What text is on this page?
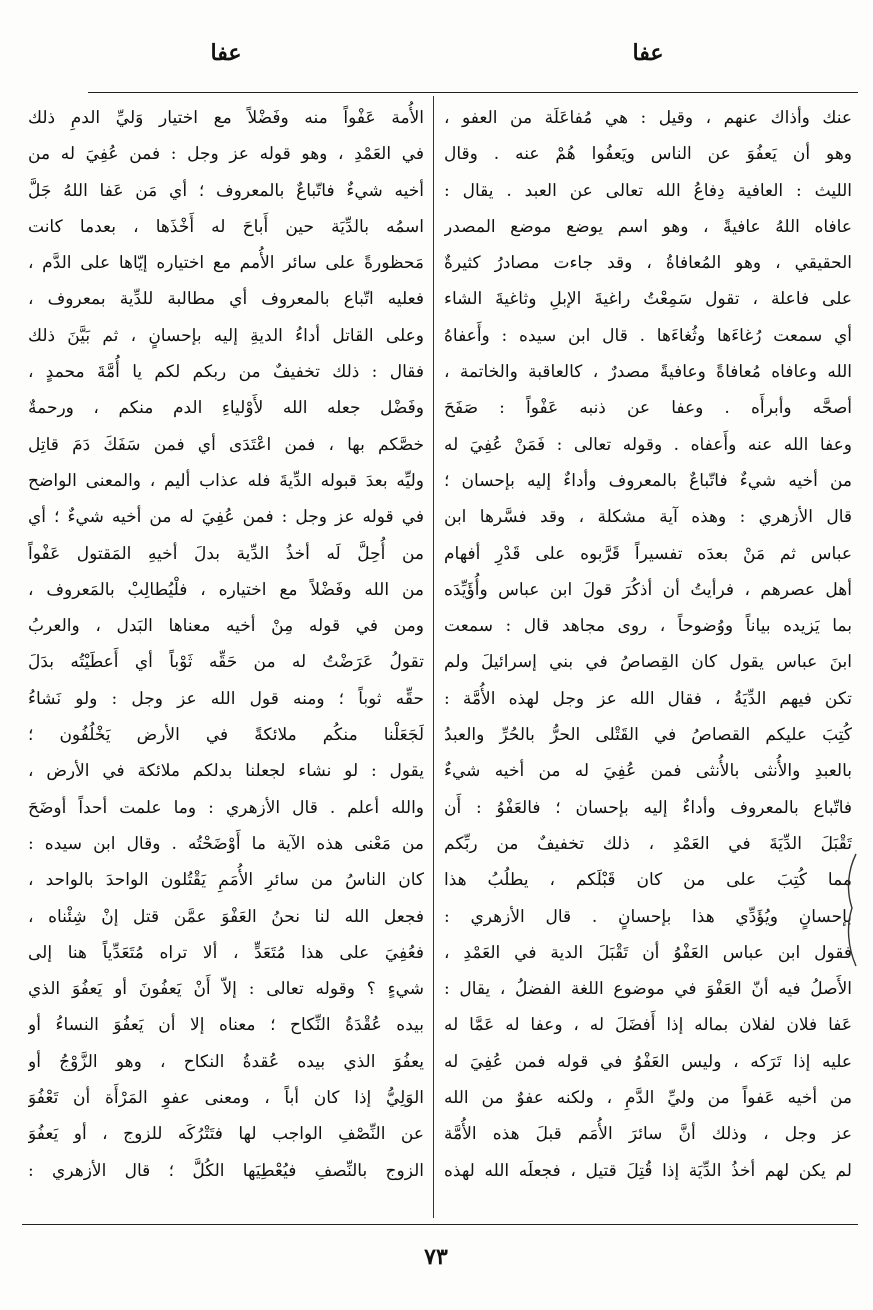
عفا
عفا
عنك وأذاك عنهم ، وقيل : هي مُفاعَلَة من العفو ،
وهو أن يَعفُوَ عن الناس ويَعفُوا هُمْ عنه . وقال
الليث : العافية دِفاعُ الله تعالى عن العبد . يقال :
عافاه اللهُ عافيةً ، وهو اسم يوضع موضع المصدر
الحقيقي ، وهو المُعافاةُ ، وقد جاءت مصادرُ كثيرةٌ
على فاعلة ، تقول سَمِعْتُ راغيةَ الإبلِ وثاغيةَ الشاء
أي سمعت رُغاءَها وثُغاءَها . قال ابن سيده : وأَعفاهُ
الله وعافاه مُعافاةً وعافيةً مصدرٌ ، كالعاقبة والخاتمة ،
أصحَّه وأبرأَه . وعفا عن ذنبه عَفْواً : صَفَحَ
وعفا الله عنه وأَعفاه . وقوله تعالى : فَمَنْ عُفِيَ له
من أخيه شيءٌ فاتّباعٌ بالمعروف وأداءٌ إليه بإحسان ؛
قال الأزهري : وهذه آية مشكلة ، وقد فسَّرها ابن
عباس ثم مَنْ بعدَه تفسيراً قَرَّبوه على قَدْرِ أفهام
أهل عصرهم ، فرأيتُ أن أذكُرَ قولَ ابن عباس وأُؤَيِّدَه
بما يَزيده بياناً ووُضوحاً ، روى مجاهد قال : سمعت
ابنَ عباس يقول كان القِصاصُ في بني إسرائيلَ ولم
تكن فيهم الدِّيَةُ ، فقال الله عز وجل لهذه الأُمَّة :
كُتِبَ عليكم القصاصُ في القَتْلى الحرُّ بالحُرِّ والعبدُ
بالعبدِ والأُنثى بالأُنثى فمن عُفِيَ له من أخيه شيءٌ
فاتّباع بالمعروف وأداءٌ إليه بإحسان ؛ فالعَفْوُ : أَن
تَقْبَلَ الدِّيَةَ في العَمْدِ ، ذلك تخفيفٌ من ربِّكم
مما كُتِبَ على من كان قَبْلَكم ، يطلُبُ هذا
بإحسانٍ ويُؤَدِّي هذا بإحسانٍ . قال الأزهري :
فقول ابن عباس العَفْوُ أن تَقْبَلَ الدية في العَمْدِ ،
الأَصلُ فيه أنّ العَفْوَ في موضوع اللغة الفضلُ ، يقال :
عَفا فلان لفلان بماله إذا أَفضَلَ له ، وعفا له عَمَّا له
عليه إذا تَرَكه ، وليس العَفْوُ في قوله فمن عُفِيَ له
من أخيه عَفواً من وليِّ الدَّمِ ، ولكنه عفوٌ من الله
عز وجل ، وذلك أنَّ سائرَ الأُمَم قبلَ هذه الأُمَّة
لم يكن لهم أخذُ الدِّيَة إذا قُتِلَ قتيل ، فجعلَه الله لهذه
الأُمة عَفْواً منه وفَضْلاً مع اختيار وَليِّ الدمِ ذلك
في العَمْدِ ، وهو قوله عز وجل : فمن عُفِيَ له من
أخيه شيءٌ فاتّباعٌ بالمعروف ؛ أي مَن عَفا اللهُ جَلَّ
اسمُه بالدِّيَة حين أَباحَ له أَخْذَها ، بعدما كانت
مَحظورةً على سائر الأُمم مع اختياره إيّاها على الدَّم ،
فعليه اتّباع بالمعروف أي مطالبة للدِّية بمعروف ،
وعلى القاتل أداءُ الديةِ إليه بإحسانٍ ، ثم بَيَّنَ ذلك
فقال : ذلك تخفيفٌ من ربكم لكم يا أُمَّةَ محمدٍ ،
وفَضْل جعله الله لأَوْلياءِ الدم منكم ، ورحمةٌ
خصَّكم بها ، فمن اعْتَدَى أي فمن سَفَكَ دَمَ قاتِل
وليِّه بعدَ قبوله الدِّيةَ فله عذاب أليم ، والمعنى الواضح
في قوله عز وجل : فمن عُفِيَ له من أخيه شيءٌ ؛ أي
من أُحِلَّ لَه أخذُ الدِّية بدلَ أخيهِ المَقتول عَفْواً
من الله وفَضْلاً مع اختياره ، فلْيُطالِبْ بالمَعروف ،
ومن في قوله مِنْ أخيه معناها البَدل ، والعربُ
تقولُ عَرَضْتُ له من حَقِّه ثَوْباً أي أَعطَيْتُه بدَلَ
حقِّه ثوباً ؛ ومنه قول الله عز وجل : ولو نَشاءُ
لَجَعَلْنا منكُم ملائكةً في الأرض يَخْلُفُون ؛
يقول : لو نشاء لجعلنا بدلكم ملائكة في الأرض ،
والله أعلم . قال الأزهري : وما علمت أحداً أوضَحَ
من مَعْنى هذه الآية ما أَوْضَحْتُه . وقال ابن سيده :
كان الناسُ من سائرِ الأُمَمِ يَقْتُلون الواحدَ بالواحد ،
فجعل الله لنا نحنُ العَفْوَ عمَّن قتل إنْ شِئْناه ،
فعُفِيَ على هذا مُتَعَدٍّ ، ألا تراه مُتَعَدِّياً هنا إلى
شيءٍ ؟ وقوله تعالى : إلاّ أَنْ يَعفُونَ أو يَعفُوَ الذي
بيده عُقْدَةُ النِّكاح ؛ معناه إلا أن يَعفُوَ النساءُ أو
يعفُوَ الذي بيده عُقدةُ النكاح ، وهو الزَّوْجُ أو
الوَلِيُّ إذا كان أباً ، ومعنى عفوِ المَرْأَة أن تَعْفُوَ
عن النِّصْفِ الواجب لها فتَتْرُكَه للزوج ، أو يَعفُوَ
الزوج بالنِّصفِ فيُعْطِيَها الكُلَّ ؛ قال الأزهري :
٧٣
